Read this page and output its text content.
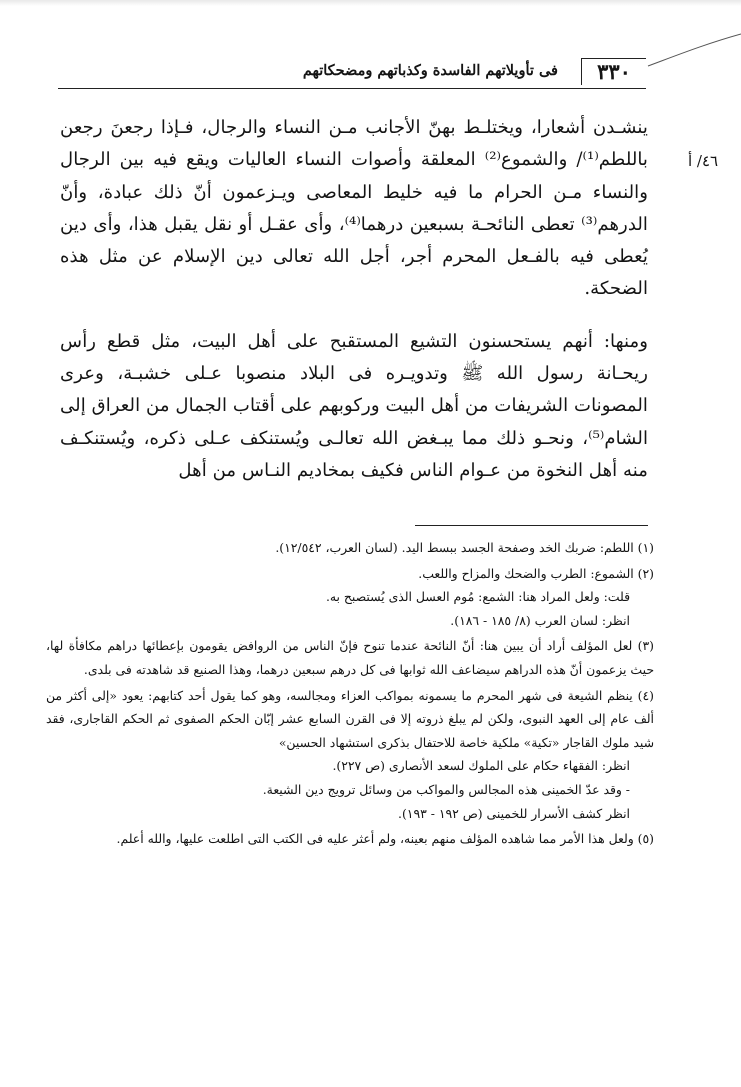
٣٣٠
فى تأويلاتهم الفاسدة وكذباتهم ومضحكاتهم
٤٦/ أ

ينشـدن أشعارا، ويختلـط بهنّ الأجانب مـن النساء والرجال، فـإذا رجعنَ رجعن باللطم⁽¹⁾/ والشموع⁽²⁾ المعلقة وأصوات النساء العاليات ويقع فيه بين الرجال والنساء مـن الحرام ما فيه خليط المعاصى ويـزعمون أنّ ذلك عبادة، وأنّ الدرهم⁽³⁾ تعطى النائحـة بسبعين درهما⁽⁴⁾، وأى عقـل أو نقل يقبل هذا، وأى دين يُعطى فيه بالفـعل المحرم أجر، أجل الله تعالى دين الإسلام عن مثل هذه الضحكة.

ومنها: أنهم يستحسنون التشيع المستقبح على أهل البيت، مثل قطع رأس ريحـانة رسول الله ﷺ وتدويـره فى البلاد منصوبا عـلى خشبـة، وعرى المصونات الشريفات من أهل البيت وركوبهم على أقتاب الجمال من العراق إلى الشام⁽⁵⁾، ونحـو ذلك مما يبـغض الله تعالـى ويُستنكف عـلى ذكره، ويُستنكـف منه أهل النخوة من عـوام الناس فكيف بمخاديم النـاس من أهل

(١) اللطم: ضربك الخد وصفحة الجسد ببسط اليد. (لسان العرب، ١٢/٥٤٢).

(٢) الشموع: الطرب والضحك والمزاح واللعب.

قلت: ولعل المراد هنا: الشمع: مُوم العسل الذى يُستصبح به.

انظر: لسان العرب (٨/ ١٨٥ - ١٨٦).

(٣) لعل المؤلف أراد أن يبين هنا: أنّ النائحة عندما تنوح فإنّ الناس من الروافض يقومون بإعطائها دراهم مكافأة لها، حيث يزعمون أنّ هذه الدراهم سيضاعف الله ثوابها فى كل درهم سبعين درهما، وهذا الصنيع قد شاهدته فى بلدى.

(٤) ينظم الشيعة فى شهر المحرم ما يسمونه بمواكب العزاء ومجالسه، وهو كما يقول أحد كتابهم: يعود «إلى أكثر من ألف عام إلى العهد النبوى، ولكن لم يبلغ ذروته إلا فى القرن السابع عشر إبّان الحكم الصفوى ثم الحكم القاجارى، فقد شيد ملوك القاجار «تكية» ملكية خاصة للاحتفال بذكرى استشهاد الحسين»

انظر: الفقهاء حكام على الملوك لسعد الأنصارى (ص ٢٢٧).

- وقد عدّ الخمينى هذه المجالس والمواكب من وسائل ترويج دين الشيعة.

انظر كشف الأسرار للخمينى (ص ١٩٢ - ١٩٣).

(٥) ولعل هذا الأمر مما شاهده المؤلف منهم بعينه، ولم أعثر عليه فى الكتب التى اطلعت عليها، والله أعلم.
